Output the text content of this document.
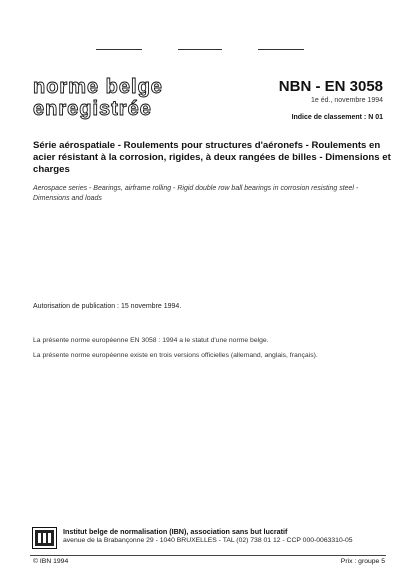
norme belge
enregistrée
NBN - EN 3058
1e éd., novembre 1994
Indice de classement : N 01
Série aérospatiale - Roulements pour structures d'aéronefs - Roulements en acier résistant à la corrosion, rigides, à deux rangées de billes - Dimensions et charges
Aerospace series - Bearings, airframe rolling - Rigid double row ball bearings in corrosion resisting steel - Dimensions and loads
Autorisation de publication : 15 novembre 1994.
La présente norme européenne EN 3058 : 1994 a le statut d'une norme belge.
La présente norme européenne existe en trois versions officielles (allemand, anglais, français).
Institut belge de normalisation (IBN), association sans but lucratif
avenue de la Brabançonne 29 - 1040 BRUXELLES - TAL (02) 738 01 12 - CCP 000-0063310-05
© IBN 1994	Prix : groupe 5
